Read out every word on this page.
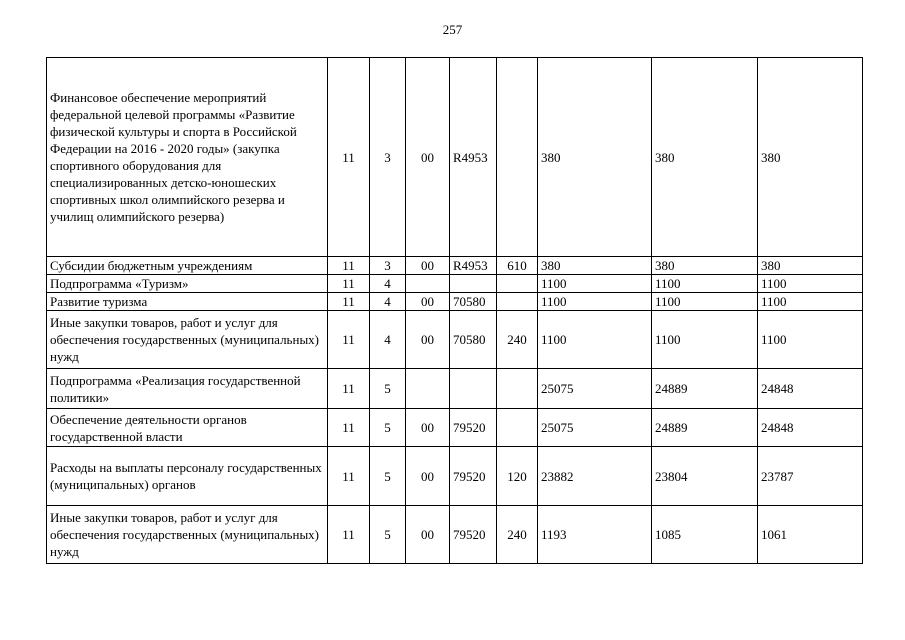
257
Финансовое обеспечение мероприятий федеральной целевой программы «Развитие физической культуры и спорта в Российской Федерации на 2016 - 2020 годы» (закупка спортивного оборудования для специализированных детско-юношеских спортивных школ олимпийского резерва и училищ олимпийского резерва)	11	3	00	R4953		380	380	380
Субсидии бюджетным учреждениям	11	3	00	R4953	610	380	380	380
Подпрограмма «Туризм»	11	4				1100	1100	1100
Развитие туризма	11	4	00	70580		1100	1100	1100
Иные закупки товаров, работ и услуг для обеспечения государственных (муниципальных) нужд	11	4	00	70580	240	1100	1100	1100
Подпрограмма «Реализация государственной политики»	11	5				25075	24889	24848
Обеспечение деятельности органов государственной власти	11	5	00	79520		25075	24889	24848
Расходы на выплаты персоналу государственных (муниципальных) органов	11	5	00	79520	120	23882	23804	23787
Иные закупки товаров, работ и услуг для обеспечения государственных (муниципальных) нужд	11	5	00	79520	240	1193	1085	1061
